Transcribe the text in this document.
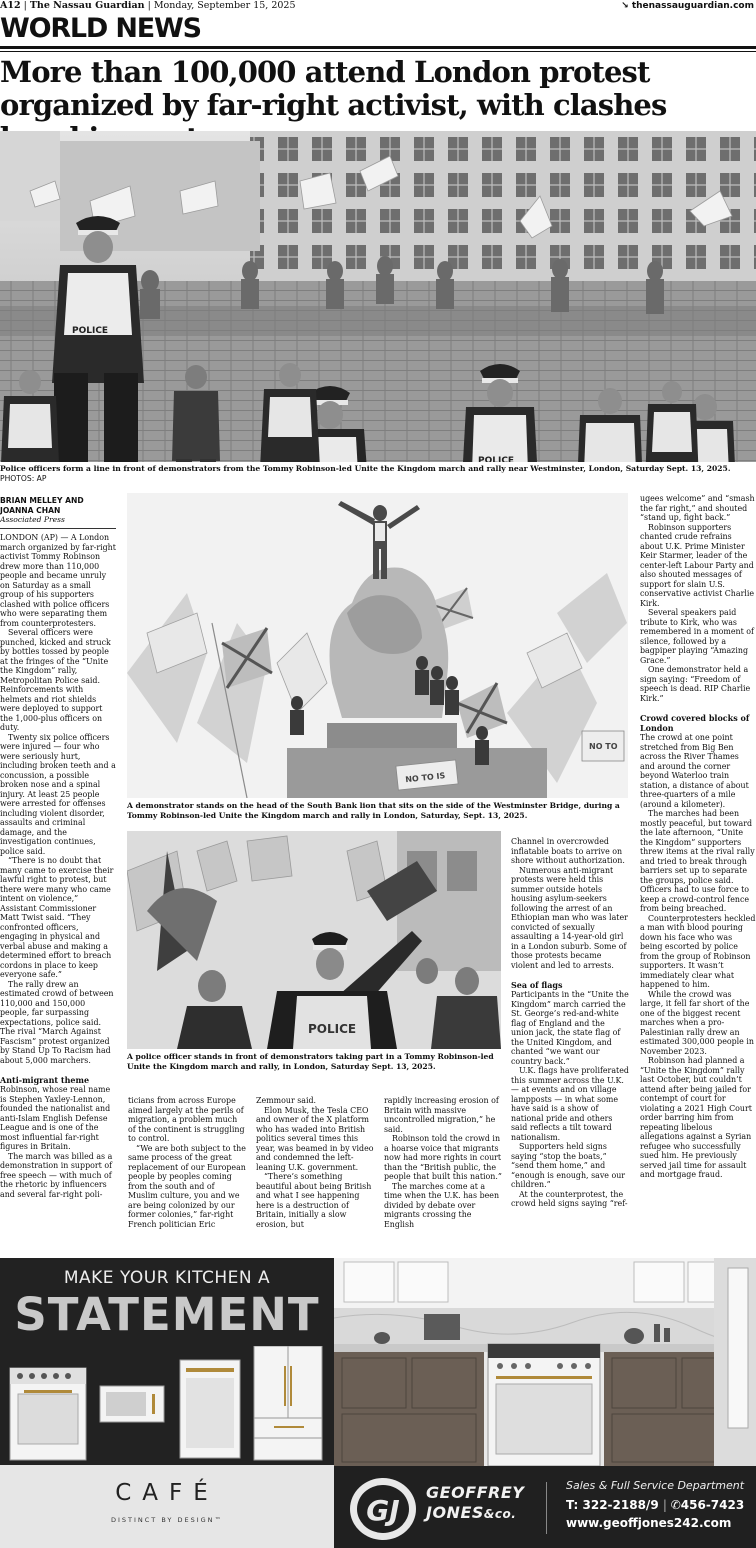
A12 | The Nassau Guardian | Monday, September 15, 2025	↘ thenassauguardian.com
WORLD NEWS
More than 100,000 attend London protest organized by far-right activist, with clashes
POLICE
POLICE
Police officers form a line in front of demonstrators from the Tommy Robinson-led Unite the Kingdom march and rally near Westminster, London, Saturday Sept. 13, 2025.
PHOTOS: AP
BRIAN MELLEY AND
JOANNA CHAN
Associated Press

LONDON (AP) — A London march organized by far-right activist Tommy Robinson drew more than 110,000 people and became unruly on Saturday as a small group of his supporters clashed with police officers who were separating them from counterprotesters.

Several officers were punched, kicked and struck by bottles tossed by people at the fringes of the “Unite the Kingdom” rally, Metropolitan Police said. Reinforcements with helmets and riot shields were deployed to support the 1,000-plus officers on duty.

Twenty six police officers were injured — four who were seriously hurt, including broken teeth and a concussion, a possible broken nose and a spinal injury. At least 25 people were arrested for offenses including violent disorder, assaults and criminal damage, and the investigation continues, police said.

“There is no doubt that many came to exercise their lawful right to protest, but there were many who came intent on violence,” Assistant Commissioner Matt Twist said. “They confronted officers, engaging in physical and verbal abuse and making a determined effort to breach cordons in place to keep everyone safe.”

The rally drew an estimated crowd of between 110,000 and 150,000 people, far surpassing expectations, police said. The rival “March Against Fascism” protest organized by Stand Up To Racism had about 5,000 marchers.

Anti-migrant theme

Robinson, whose real name is Stephen Yaxley-Lennon, founded the nationalist and anti-Islam English Defense League and is one of the most influential far-right figures in Britain.

The march was billed as a demonstration in support of free speech — with much of the rhetoric by influencers and several far-right poli-

NO TO IS
NO TO
A demonstrator stands on the head of the South Bank lion that sits on the side of the Westminster Bridge, during a Tommy Robinson-led Unite the Kingdom march and rally in London, Saturday, Sept. 13, 2025.
POLICE
A police officer stands in front of demonstrators taking part in a Tommy Robinson-led Unite the Kingdom march and rally, in London, Saturday Sept. 13, 2025.

ticians from across Europe aimed largely at the perils of migration, a problem much of the continent is struggling to control.

“We are both subject to the same process of the great replacement of our European people by peoples coming from the south and of Muslim culture, you and we are being colonized by our former colonies,” far-right French politician Eric

Zemmour said.

Elon Musk, the Tesla CEO and owner of the X platform who has waded into British politics several times this year, was beamed in by video and condemned the left-leaning U.K. government.

“There’s something beautiful about being British and what I see happening here is a destruction of Britain, initially a slow erosion, but

rapidly increasing erosion of Britain with massive uncontrolled migration,” he said.

Robinson told the crowd in a hoarse voice that migrants now had more rights in court than the “British public, the people that built this nation.”

The marches come at a time when the U.K. has been divided by debate over migrants crossing the English

Channel in overcrowded inflatable boats to arrive on shore without authorization.

Numerous anti-migrant protests were held this summer outside hotels housing asylum-seekers following the arrest of an Ethiopian man who was later convicted of sexually assaulting a 14-year-old girl in a London suburb. Some of those protests became violent and led to arrests.

Sea of flags

Participants in the “Unite the Kingdom” march carried the St. George’s red-and-white flag of England and the union jack, the state flag of the United Kingdom, and chanted “we want our country back.”

U.K. flags have proliferated this summer across the U.K. — at events and on village lampposts — in what some have said is a show of national pride and others said reflects a tilt toward nationalism.

Supporters held signs saying “stop the boats,” “send them home,” and “enough is enough, save our children.”

At the counterprotest, the crowd held signs saying “ref-

ugees welcome” and “smash the far right,” and shouted “stand up, fight back.”

Robinson supporters chanted crude refrains about U.K. Prime Minister Keir Starmer, leader of the center-left Labour Party and also shouted messages of support for slain U.S. conservative activist Charlie Kirk.

Several speakers paid tribute to Kirk, who was remembered in a moment of silence, followed by a bagpiper playing “Amazing Grace.”

One demonstrator held a sign saying: “Freedom of speech is dead. RIP Charlie Kirk.”

Crowd covered blocks of London

The crowd at one point stretched from Big Ben across the River Thames and around the corner beyond Waterloo train station, a distance of about three-quarters of a mile (around a kilometer).

The marches had been mostly peaceful, but toward the late afternoon, “Unite the Kingdom” supporters threw items at the rival rally and tried to break through barriers set up to separate the groups, police said. Officers had to use force to keep a crowd-control fence from being breached.

Counterprotesters heckled a man with blood pouring down his face who was being escorted by police from the group of Robinson supporters. It wasn’t immediately clear what happened to him.

While the crowd was large, it fell far short of the one of the biggest recent marches when a pro-Palestinian rally drew an estimated 300,000 people in November 2023.

Robinson had planned a “Unite the Kingdom” rally last October, but couldn’t attend after being jailed for contempt of court for violating a 2021 High Court order barring him from repeating libelous allegations against a Syrian refugee who successfully sued him. He previously served jail time for assault and mortgage fraud.

MAKE YOUR KITCHEN A
STATEMENT
CAFÉ
DISTINCT BY DESIGN™	GJ
GEOFFREY
JONES&co.
Sales & Full Service Department
T: 322-2188/9 | ✆456-7423
www.geoffjones242.com
